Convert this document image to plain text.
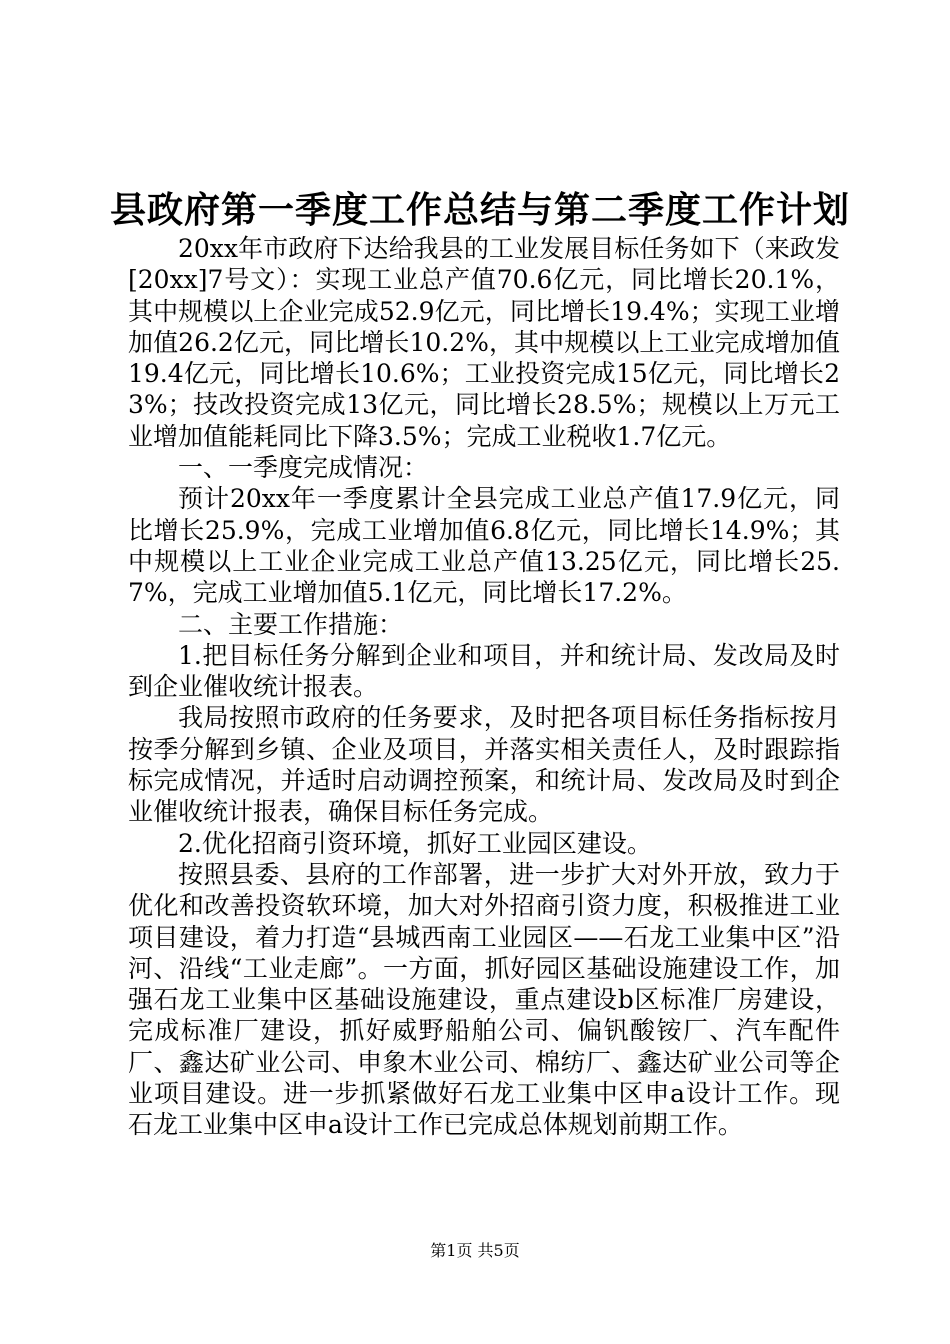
县政府第一季度工作总结与第二季度工作计划

20xx年市政府下达给我县的工业发展目标任务如下（来政发[20xx]7号文）：实现工业总产值70.6亿元，同比增长20.1%，其中规模以上企业完成52.9亿元，同比增长19.4%；实现工业增加值26.2亿元，同比增长10.2%，其中规模以上工业完成增加值19.4亿元，同比增长10.6%；工业投资完成15亿元，同比增长23%；技改投资完成13亿元，同比增长28.5%；规模以上万元工业增加值能耗同比下降3.5%；完成工业税收1.7亿元。

一、一季度完成情况：

预计20xx年一季度累计全县完成工业总产值17.9亿元，同比增长25.9%，完成工业增加值6.8亿元，同比增长14.9%；其中规模以上工业企业完成工业总产值13.25亿元，同比增长25.7%，完成工业增加值5.1亿元，同比增长17.2%。

二、主要工作措施：

1.把目标任务分解到企业和项目，并和统计局、发改局及时到企业催收统计报表。

我局按照市政府的任务要求，及时把各项目标任务指标按月按季分解到乡镇、企业及项目，并落实相关责任人，及时跟踪指标完成情况，并适时启动调控预案，和统计局、发改局及时到企业催收统计报表，确保目标任务完成。

2.优化招商引资环境，抓好工业园区建设。

按照县委、县府的工作部署，进一步扩大对外开放，致力于优化和改善投资软环境，加大对外招商引资力度，积极推进工业项目建设，着力打造“县城西南工业园区——石龙工业集中区”沿河、沿线“工业走廊”。一方面，抓好园区基础设施建设工作，加强石龙工业集中区基础设施建设，重点建设b区标准厂房建设，完成标准厂建设，抓好威野船舶公司、偏钒酸铵厂、汽车配件厂、鑫达矿业公司、申象木业公司、棉纺厂、鑫达矿业公司等企业项目建设。进一步抓紧做好石龙工业集中区申a设计工作。现石龙工业集中区申a设计工作已完成总体规划前期工作。

第1页 共5页
